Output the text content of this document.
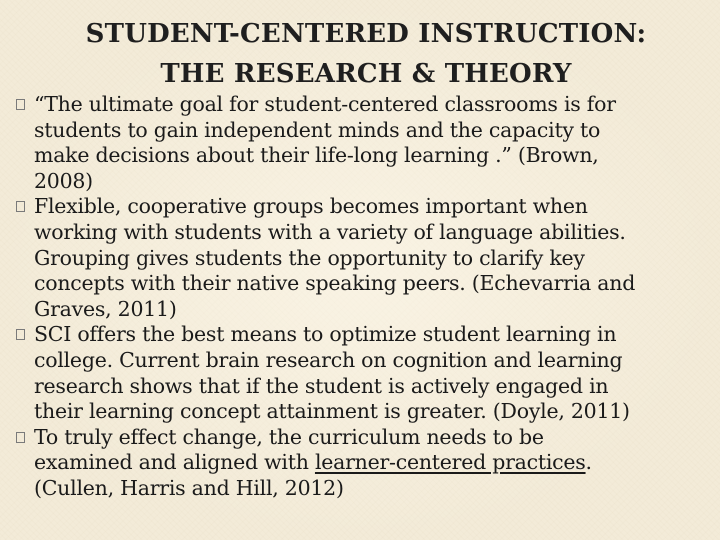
STUDENT-CENTERED INSTRUCTION:
THE RESEARCH & THEORY
“The ultimate goal for student-centered classrooms is for
students to gain independent minds and the capacity to
make decisions about their life-long learning .” (Brown,
2008)
Flexible, cooperative groups becomes important when
working with students with a variety of language abilities.
Grouping gives students the opportunity to clarify key
concepts with their native speaking peers. (Echevarria and
Graves, 2011)
SCI offers the best means to optimize student learning in
college. Current brain research on cognition and learning
research shows that if the student is actively engaged in
their learning concept attainment is greater. (Doyle, 2011)
To truly effect change, the curriculum needs to be
examined and aligned with learner-centered practices.
(Cullen, Harris and Hill, 2012)
